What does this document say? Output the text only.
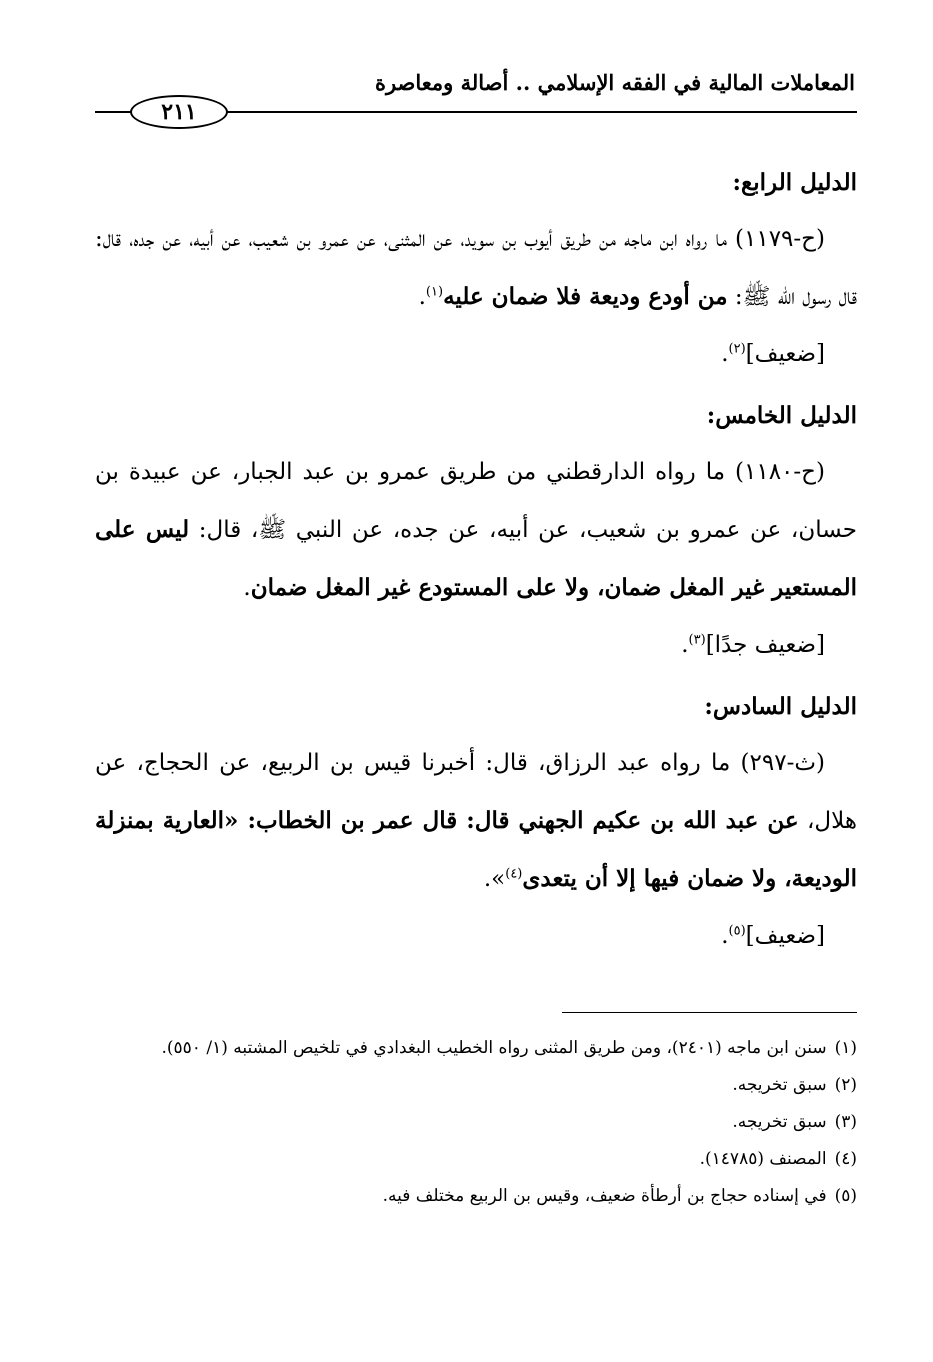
المعاملات المالية في الفقه الإسلامي .. أصالة ومعاصرة
٢١١
الدليل الرابع:
(ح-١١٧٩) ما رواه ابن ماجه من طريق أيوب بن سويد، عن المثنى، عن عمرو بن شعيب، عن أبيه، عن جده، قال: قال رسول الله ﷺ: من أودع وديعة فلا ضمان عليه$^{(١)}$.
[ضعيف]$^{(٢)}$.
الدليل الخامس:
(ح-١١٨٠) ما رواه الدارقطني من طريق عمرو بن عبد الجبار، عن عبيدة بن حسان، عن عمرو بن شعيب، عن أبيه، عن جده، عن النبي ﷺ، قال: ليس على المستعير غير المغل ضمان، ولا على المستودع غير المغل ضمان.
[ضعيف جدًا]$^{(٣)}$.
الدليل السادس:
(ث-٢٩٧) ما رواه عبد الرزاق، قال: أخبرنا قيس بن الربيع، عن الحجاج، عن هلال، عن عبد الله بن عكيم الجهني قال: قال عمر بن الخطاب: «العارية بمنزلة الوديعة، ولا ضمان فيها إلا أن يتعدى$^{(٤)}$».
[ضعيف]$^{(٥)}$.
(١)
سنن ابن ماجه (٢٤٠١)، ومن طريق المثنى رواه الخطيب البغدادي في تلخيص المشتبه (١/ ٥٥٠).
(٢)
سبق تخريجه.
(٣)
سبق تخريجه.
(٤)
المصنف (١٤٧٨٥).
(٥)
في إسناده حجاج بن أرطأة ضعيف، وقيس بن الربيع مختلف فيه.
